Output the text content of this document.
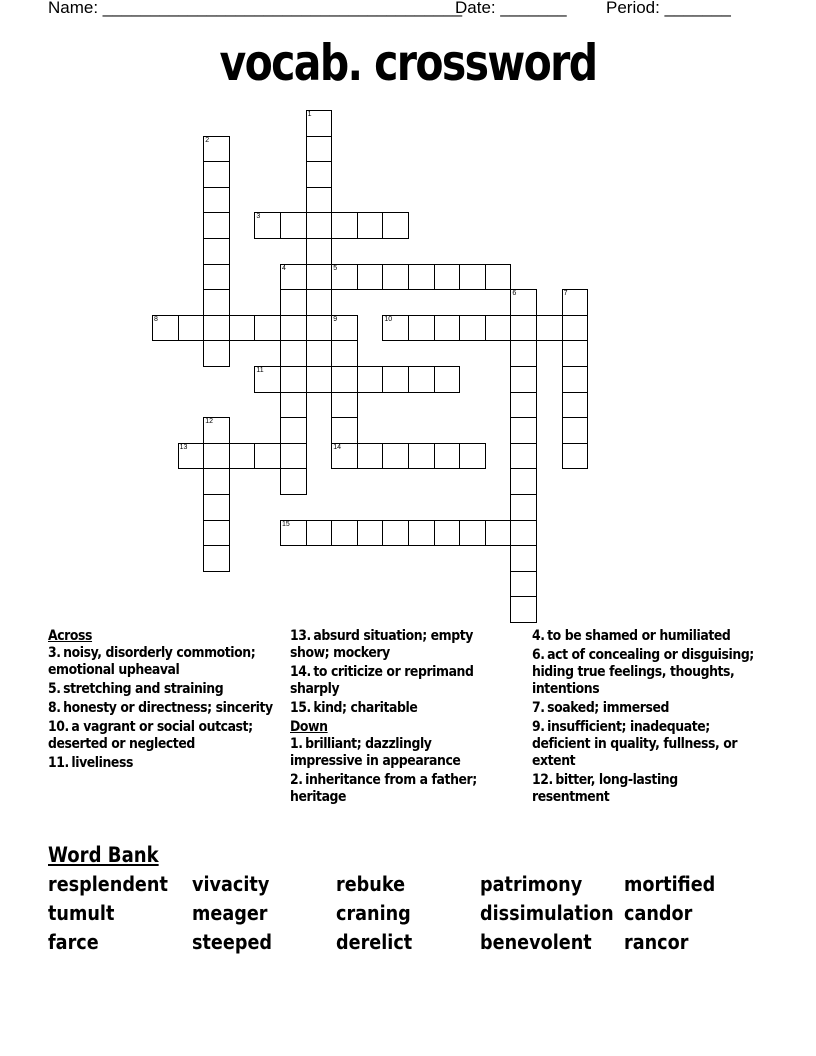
Name: ______________________________________
Date: _______ Period: _______
vocab. crossword
1
2
3
4	5
6	7
8	9	10
11
12
13	14
15
Across
3. noisy, disorderly commotion; emotional upheaval
5. stretching and straining
8. honesty or directness; sincerity
10. a vagrant or social outcast; deserted or neglected
11. liveliness
13. absurd situation; empty show; mockery
14. to criticize or reprimand sharply
15. kind; charitable
Down
1. brilliant; dazzlingly impressive in appearance
2. inheritance from a father; heritage
4. to be shamed or humiliated
6. act of concealing or disguising; hiding true feelings, thoughts, intentions
7. soaked; immersed
9. insufficient; inadequate; deficient in quality, fullness, or extent
12. bitter, long-lasting resentment
Word Bank
resplendent vivacity	rebuke	patrimony mortified
tumult	meager	craning	dissimulation candor
farce	steeped	derelict	benevolent rancor
